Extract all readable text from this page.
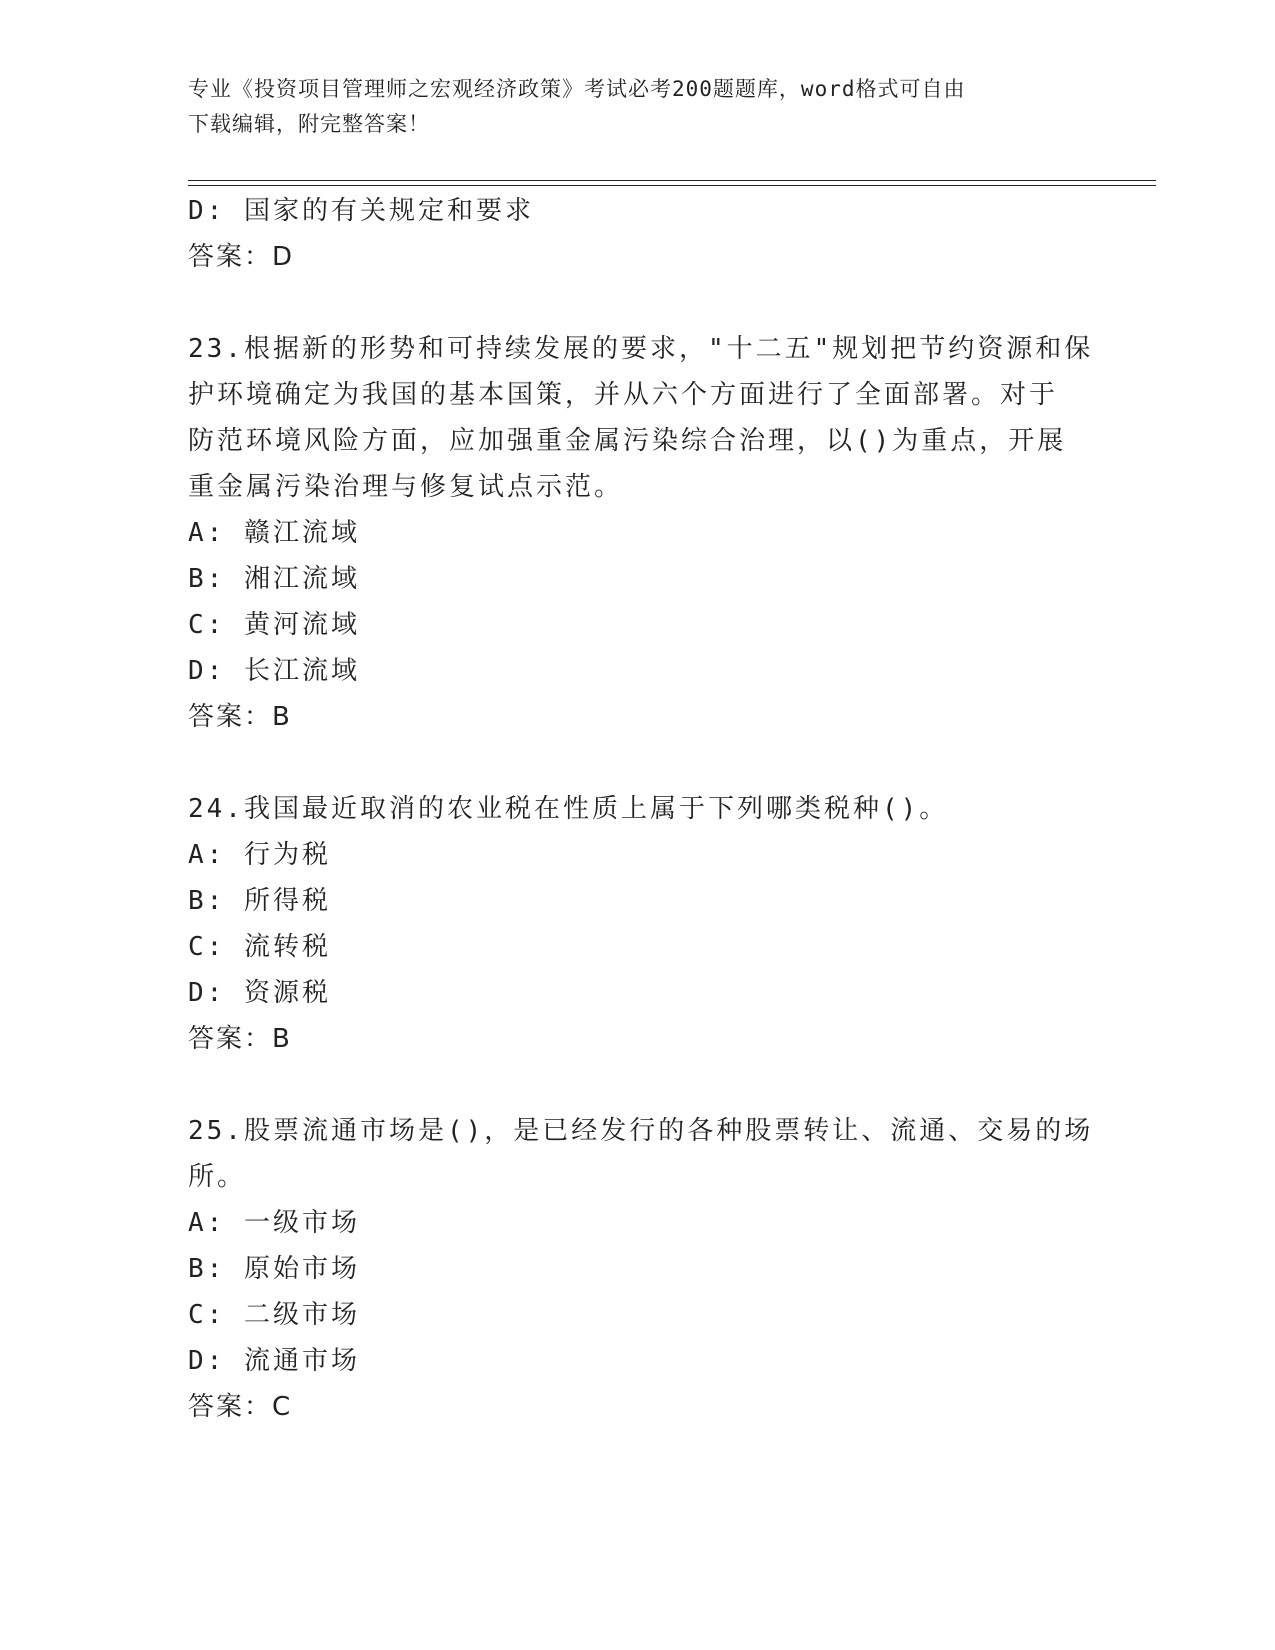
专业《投资项目管理师之宏观经济政策》考试必考200题题库，word格式可自由
下载编辑，附完整答案！
D: 国家的有关规定和要求
答案：D
23.根据新的形势和可持续发展的要求，"十二五"规划把节约资源和保
护环境确定为我国的基本国策，并从六个方面进行了全面部署。对于
防范环境风险方面，应加强重金属污染综合治理，以()为重点，开展
重金属污染治理与修复试点示范。
A: 赣江流域
B: 湘江流域
C: 黄河流域
D: 长江流域
答案：B
24.我国最近取消的农业税在性质上属于下列哪类税种()。
A: 行为税
B: 所得税
C: 流转税
D: 资源税
答案：B
25.股票流通市场是()，是已经发行的各种股票转让、流通、交易的场
所。
A: 一级市场
B: 原始市场
C: 二级市场
D: 流通市场
答案：C
